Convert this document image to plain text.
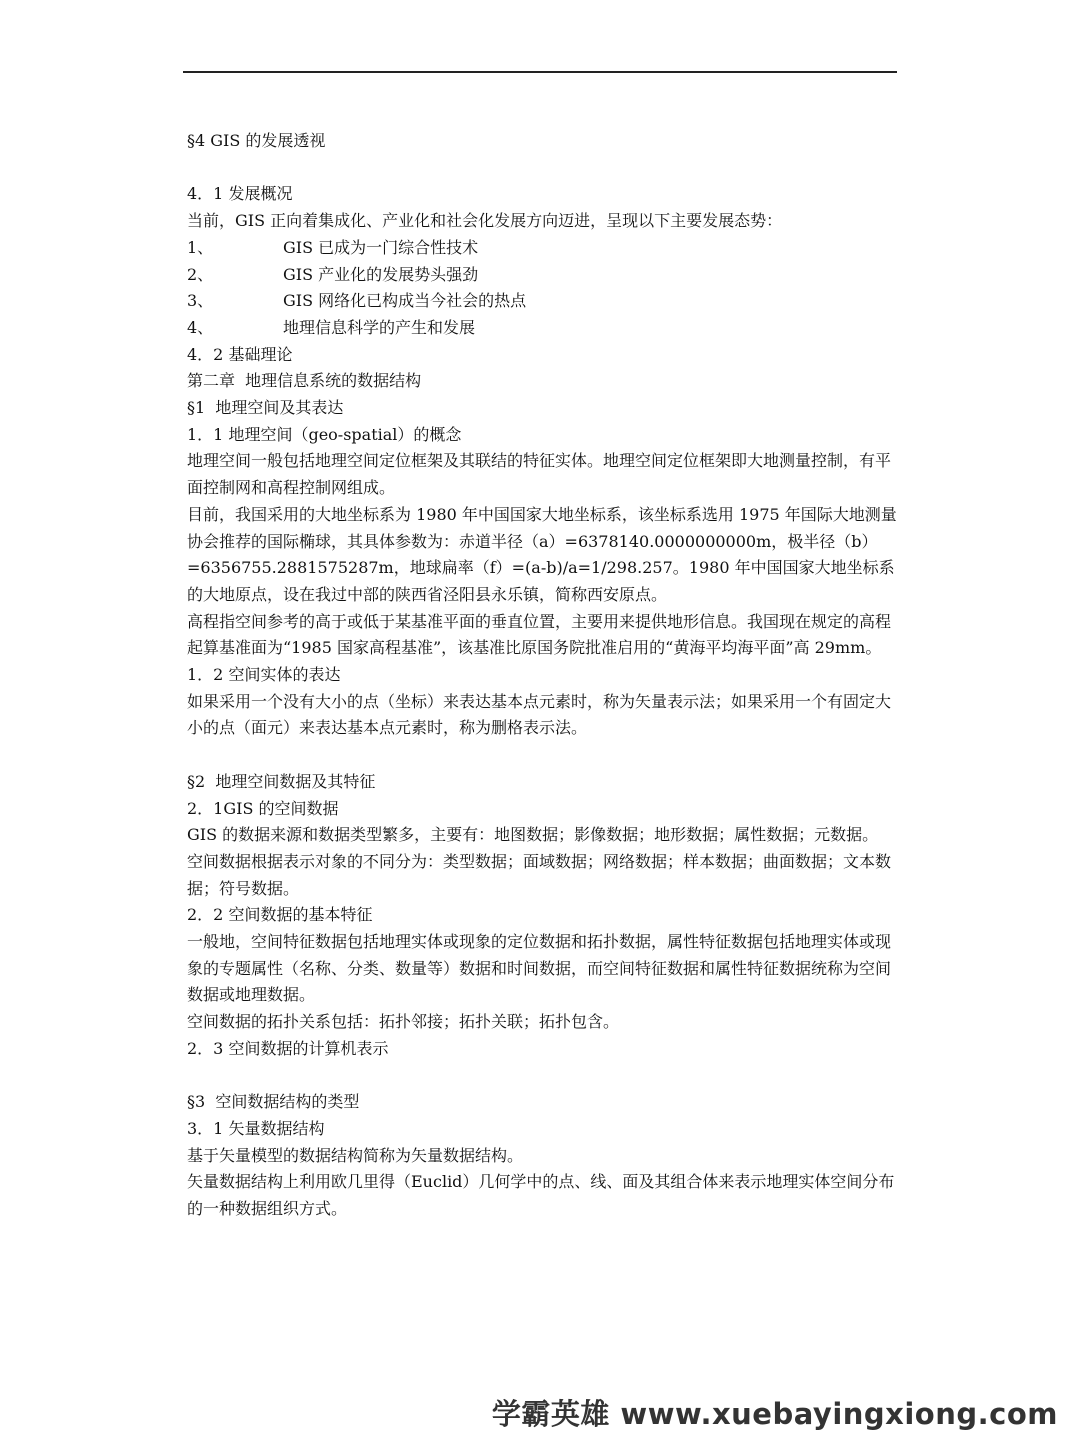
§4 GIS 的发展透视
4．1 发展概况
当前，GIS 正向着集成化、产业化和社会化发展方向迈进，呈现以下主要发展态势：
1、	GIS 已成为一门综合性技术
2、	GIS 产业化的发展势头强劲
3、	GIS 网络化已构成当今社会的热点
4、	地理信息科学的产生和发展
4．2 基础理论
第二章  地理信息系统的数据结构
§1  地理空间及其表达
1．1 地理空间（geo-spatial）的概念
地理空间一般包括地理空间定位框架及其联结的特征实体。地理空间定位框架即大地测量控制，有平面控制网和高程控制网组成。
目前，我国采用的大地坐标系为 1980 年中国国家大地坐标系，该坐标系选用 1975 年国际大地测量协会推荐的国际椭球，其具体参数为：赤道半径（a）=6378140.0000000000m，极半径（b）=6356755.2881575287m，地球扁率（f）=(a-b)/a=1/298.257。1980 年中国国家大地坐标系的大地原点，设在我过中部的陕西省泾阳县永乐镇，简称西安原点。
高程指空间参考的高于或低于某基准平面的垂直位置，主要用来提供地形信息。我国现在规定的高程起算基准面为“1985 国家高程基准”，该基准比原国务院批准启用的“黄海平均海平面”高 29mm。
1．2 空间实体的表达
如果采用一个没有大小的点（坐标）来表达基本点元素时，称为矢量表示法；如果采用一个有固定大小的点（面元）来表达基本点元素时，称为删格表示法。
§2  地理空间数据及其特征
2．1GIS 的空间数据
GIS 的数据来源和数据类型繁多，主要有：地图数据；影像数据；地形数据；属性数据；元数据。
空间数据根据表示对象的不同分为：类型数据；面域数据；网络数据；样本数据；曲面数据；文本数据；符号数据。
2．2 空间数据的基本特征
一般地，空间特征数据包括地理实体或现象的定位数据和拓扑数据，属性特征数据包括地理实体或现象的专题属性（名称、分类、数量等）数据和时间数据，而空间特征数据和属性特征数据统称为空间数据或地理数据。
空间数据的拓扑关系包括：拓扑邻接；拓扑关联；拓扑包含。
2．3 空间数据的计算机表示
§3  空间数据结构的类型
3．1 矢量数据结构
基于矢量模型的数据结构简称为矢量数据结构。
矢量数据结构上利用欧几里得（Euclid）几何学中的点、线、面及其组合体来表示地理实体空间分布的一种数据组织方式。
学霸英雄 www.xuebayingxiong.com
